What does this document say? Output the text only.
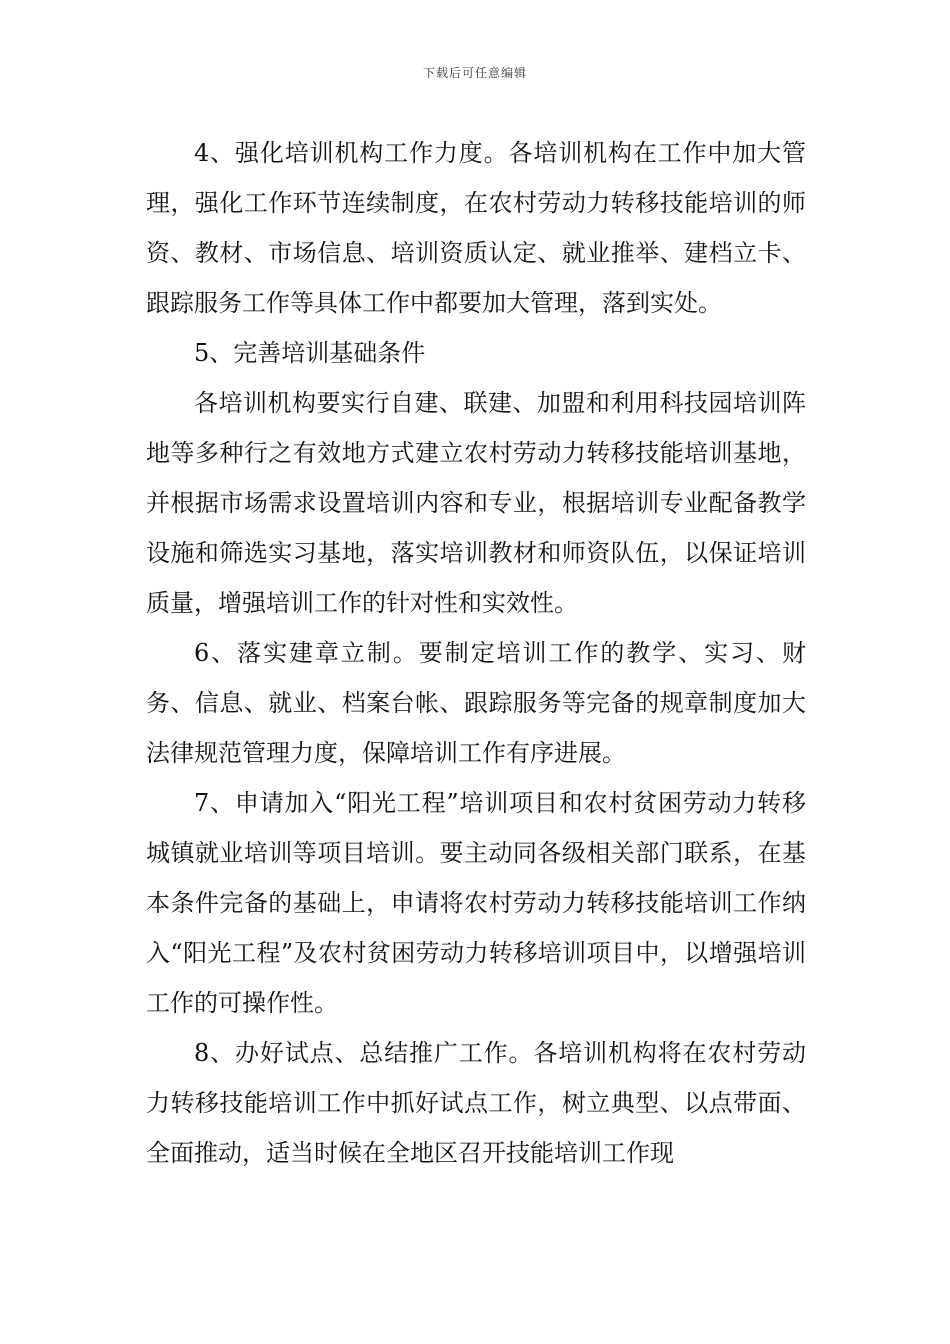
下载后可任意编辑

4、强化培训机构工作力度。各培训机构在工作中加大管理，强化工作环节连续制度，在农村劳动力转移技能培训的师资、教材、市场信息、培训资质认定、就业推举、建档立卡、跟踪服务工作等具体工作中都要加大管理，落到实处。

5、完善培训基础条件

各培训机构要实行自建、联建、加盟和利用科技园培训阵地等多种行之有效地方式建立农村劳动力转移技能培训基地，并根据市场需求设置培训内容和专业，根据培训专业配备教学设施和筛选实习基地，落实培训教材和师资队伍，以保证培训质量，增强培训工作的针对性和实效性。

6、落实建章立制。要制定培训工作的教学、实习、财务、信息、就业、档案台帐、跟踪服务等完备的规章制度加大法律规范管理力度，保障培训工作有序进展。

7、申请加入“阳光工程”培训项目和农村贫困劳动力转移城镇就业培训等项目培训。要主动同各级相关部门联系，在基本条件完备的基础上，申请将农村劳动力转移技能培训工作纳入“阳光工程”及农村贫困劳动力转移培训项目中，以增强培训工作的可操作性。

8、办好试点、总结推广工作。各培训机构将在农村劳动力转移技能培训工作中抓好试点工作，树立典型、以点带面、全面推动，适当时候在全地区召开技能培训工作现
